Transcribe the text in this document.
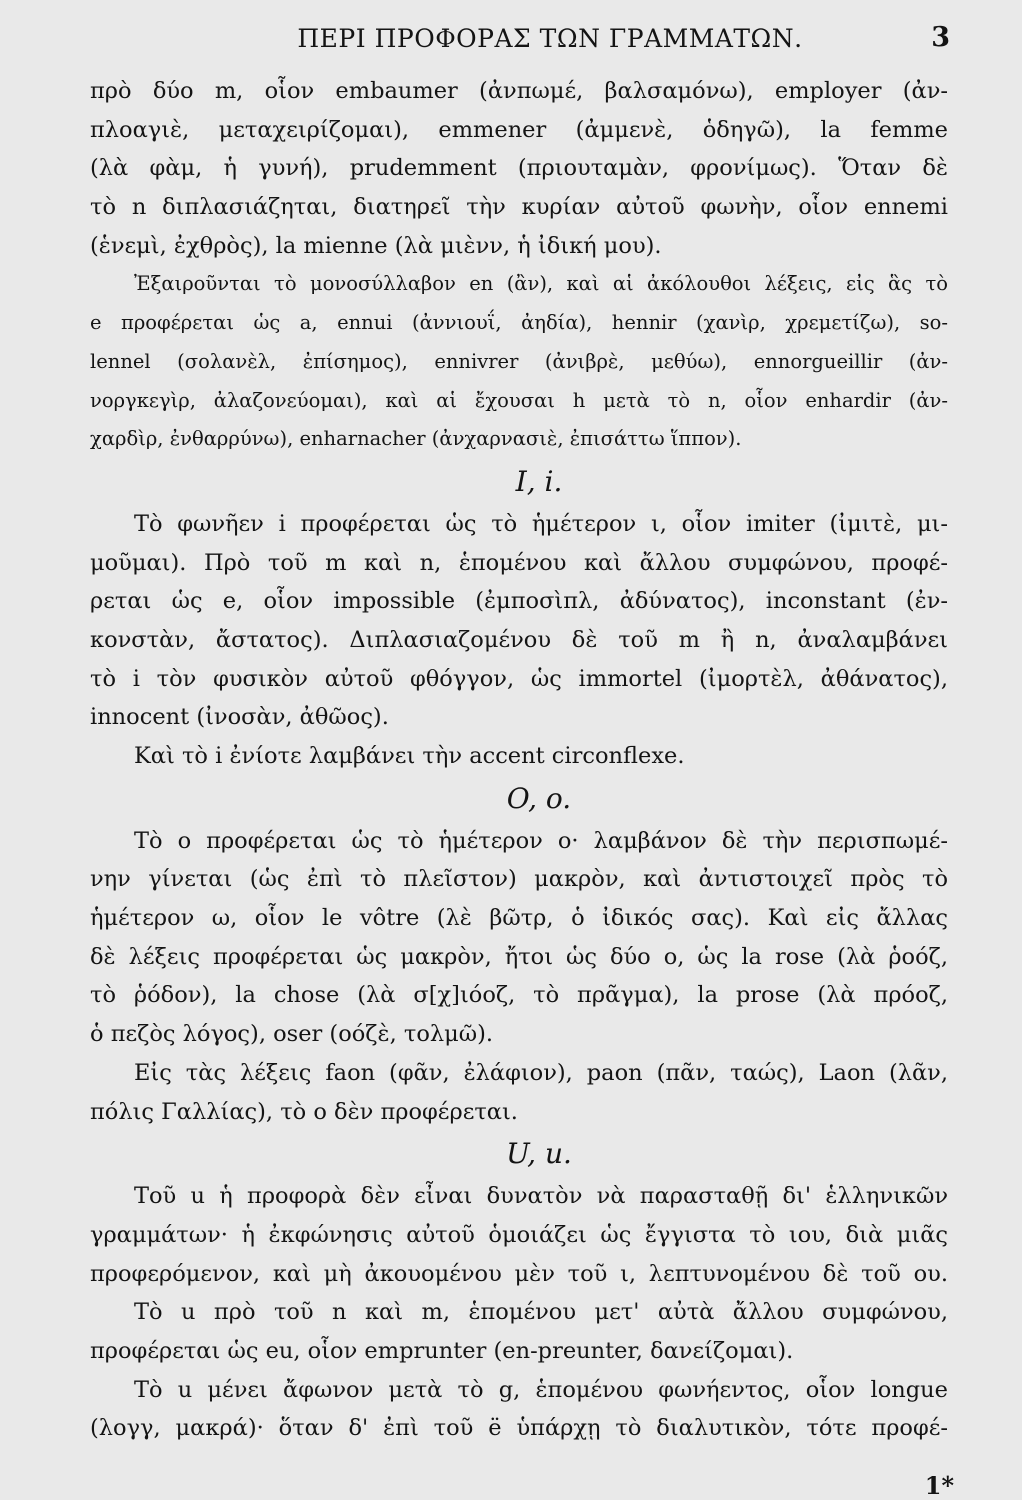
ΠΕΡΙ ΠΡΟΦΟΡΑΣ ΤΩΝ ΓΡΑΜΜΑΤΩΝ.	3
πρὸ δύο m, οἷον embaumer (ἀνπωμέ, βαλσαμόνω), employer (ἀν-
πλοαγιὲ, μεταχειρίζομαι), emmener (ἀμμενὲ, ὁδηγῶ), la femme
(λὰ φὰμ, ἡ γυνή), prudemment (πριουταμὰν, φρονίμως). Ὅταν δὲ
τὸ n διπλασιάζηται, διατηρεῖ τὴν κυρίαν αὐτοῦ φωνὴν, οἷον ennemi
(ἑνεμὶ, ἐχθρὸς), la mienne (λὰ μιὲνν, ἡ ἰδική μου).
Ἐξαιροῦνται τὸ μονοσύλλαβον en (ἂν), καὶ αἱ ἀκόλουθοι λέξεις, εἰς ἃς τὸ
e προφέρεται ὡς a, ennui (ἀννιουΐ, ἀηδία), hennir (χανὶρ, χρεμετίζω), so-
lennel (σολανὲλ, ἐπίσημος), ennivrer (ἀνιβρὲ, μεθύω), ennorgueillir (ἀν-
νοργκεγὶρ, ἀλαζονεύομαι), καὶ αἱ ἔχουσαι h μετὰ τὸ n, οἷον enhardir (ἀν-
χαρδὶρ, ἐνθαρρύνω), enharnacher (ἀνχαρνασιὲ, ἐπισάττω ἵππον).
I, i.
Τὸ φωνῆεν i προφέρεται ὡς τὸ ἡμέτερον ι, οἷον imiter (ἰμιτὲ, μι-
μοῦμαι). Πρὸ τοῦ m καὶ n, ἑπομένου καὶ ἄλλου συμφώνου, προφέ-
ρεται ὡς e, οἷον impossible (ἐμποσὶπλ, ἀδύνατος), inconstant (ἐν-
κονστὰν, ἄστατος). Διπλασιαζομένου δὲ τοῦ m ἢ n, ἀναλαμβάνει
τὸ i τὸν φυσικὸν αὐτοῦ φθόγγον, ὡς immortel (ἰμορτὲλ, ἀθάνατος),
innocent (ἰνοσὰν, ἀθῶος).
Καὶ τὸ i ἐνίοτε λαμβάνει τὴν accent circonflexe.
O, o.
Τὸ o προφέρεται ὡς τὸ ἡμέτερον ο· λαμβάνον δὲ τὴν περισπωμέ-
νην γίνεται (ὡς ἐπὶ τὸ πλεῖστον) μακρὸν, καὶ ἀντιστοιχεῖ πρὸς τὸ
ἡμέτερον ω, οἷον le vôtre (λὲ βῶτρ, ὁ ἰδικός σας). Καὶ εἰς ἄλλας
δὲ λέξεις προφέρεται ὡς μακρὸν, ἤτοι ὡς δύο o, ὡς la rose (λὰ ῥοόζ,
τὸ ῥόδον), la chose (λὰ σ[χ]ιόοζ, τὸ πρᾶγμα), la prose (λὰ πρόοζ,
ὁ πεζὸς λόγος), oser (οόζὲ, τολμῶ).
Εἰς τὰς λέξεις faon (φᾶν, ἐλάφιον), paon (πᾶν, ταώς), Laon (λᾶν,
πόλις Γαλλίας), τὸ o δὲν προφέρεται.
U, u.
Τοῦ u ἡ προφορὰ δὲν εἶναι δυνατὸν νὰ παρασταθῇ δι' ἑλληνικῶν
γραμμάτων· ἡ ἐκφώνησις αὐτοῦ ὁμοιάζει ὡς ἔγγιστα τὸ ιου, διὰ μιᾶς
προφερόμενον, καὶ μὴ ἀκουομένου μὲν τοῦ ι, λεπτυνομένου δὲ τοῦ ου.
Τὸ u πρὸ τοῦ n καὶ m, ἑπομένου μετ' αὐτὰ ἄλλου συμφώνου,
προφέρεται ὡς eu, οἷον emprunter (en-preunter, δανείζομαι).
Τὸ u μένει ἄφωνον μετὰ τὸ g, ἑπομένου φωνήεντος, οἷον longue
(λογγ, μακρά)· ὅταν δ' ἐπὶ τοῦ ë ὑπάρχῃ τὸ διαλυτικὸν, τότε προφέ-
1*
